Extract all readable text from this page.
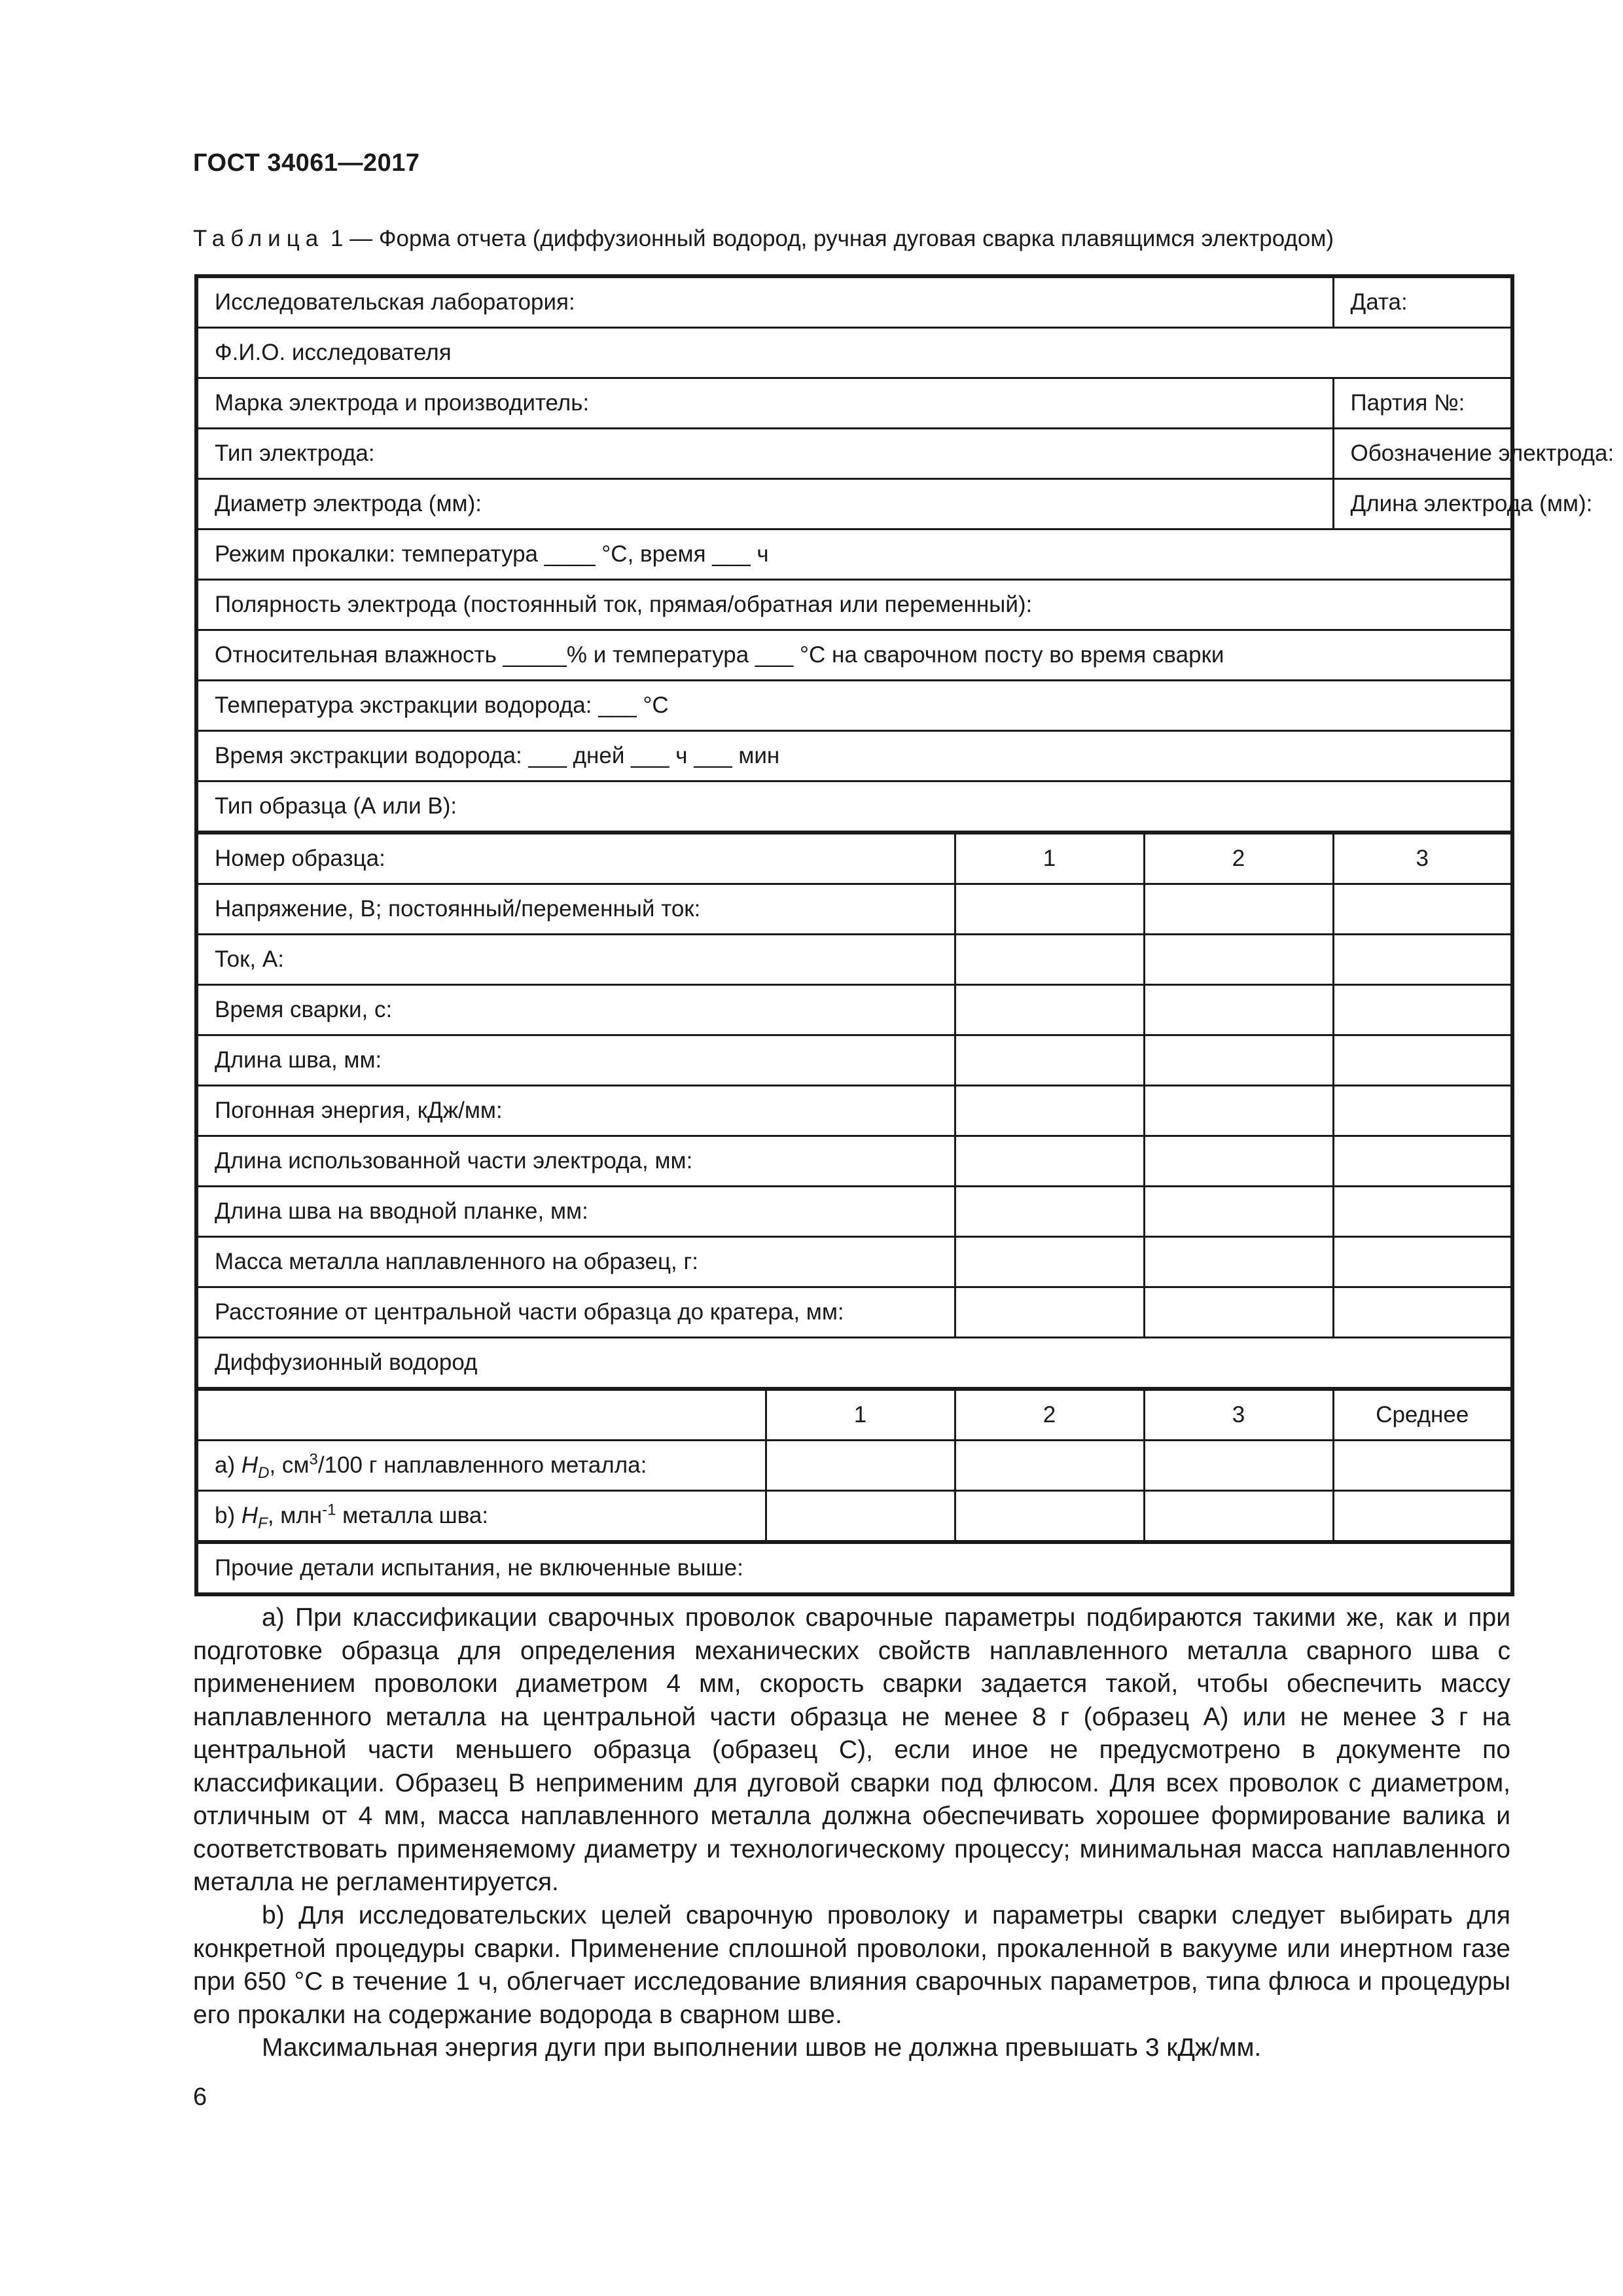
ГОСТ 34061—2017
Таблица 1 — Форма отчета (диффузионный водород, ручная дуговая сварка плавящимся электродом)
Исследовательская лаборатория:				Дата:
Ф.И.О. исследователя				
Марка электрода и производитель:				Партия №:
Тип электрода:				Обозначение электрода:
Диаметр электрода (мм):				Длина электрода (мм):
Режим прокалки: температура ____ °С, время ___ ч				
Полярность электрода (постоянный ток, прямая/обратная или переменный):				
Относительная влажность _____% и температура ___ °С на сварочном посту во время сварки				
Температура экстракции водорода: ___ °С				
Время экстракции водорода: ___ дней ___ ч ___ мин				
Тип образца (А или В):				
Номер образца:		1	2	3
Напряжение, В; постоянный/переменный ток:				
Ток, А:				
Время сварки, с:				
Длина шва, мм:				
Погонная энергия, кДж/мм:				
Длина использованной части электрода, мм:				
Длина шва на вводной планке, мм:				
Масса металла наплавленного на образец, г:				
Расстояние от центральной части образца до кратера, мм:				
Диффузионный водород				
	1	2	3	Среднее
a) $H_D$, $см^3/100$ г наплавленного металла:				
b) $H_F$, млн$^{-1}$ металла шва:				
Прочие детали испытания, не включенные выше:				
a) При классификации сварочных проволок сварочные параметры подбираются такими же, как и при подготовке образца для определения механических свойств наплавленного металла сварного шва с применением проволоки диаметром 4 мм, скорость сварки задается такой, чтобы обеспечить массу наплавленного металла на центральной части образца не менее 8 г (образец А) или не менее 3 г на центральной части меньшего образца (образец С), если иное не предусмотрено в документе по классификации. Образец В неприменим для дуговой сварки под флюсом. Для всех проволок с диаметром, отличным от 4 мм, масса наплавленного металла должна обеспечивать хорошее формирование валика и соответствовать применяемому диаметру и технологическому процессу; минимальная масса наплавленного металла не регламентируется.
b) Для исследовательских целей сварочную проволоку и параметры сварки следует выбирать для конкретной процедуры сварки. Применение сплошной проволоки, прокаленной в вакууме или инертном газе при 650 °С в течение 1 ч, облегчает исследование влияния сварочных параметров, типа флюса и процедуры его прокалки на содержание водорода в сварном шве.
Максимальная энергия дуги при выполнении швов не должна превышать 3 кДж/мм.
6
